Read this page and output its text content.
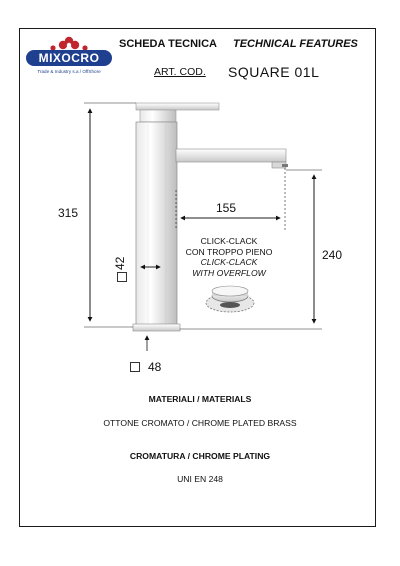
MIXOCRO
Trade & Industry s.a / OffShore
SCHEDA TECNICA TECHNICAL FEATURES
ART. COD. SQUARE 01L
315
240
155
42
48
CLICK-CLACK
CON TROPPO PIENO
CLICK-CLACK
WITH OVERFLOW
MATERIALI / MATERIALS
OTTONE CROMATO / CHROME PLATED BRASS
CROMATURA / CHROME PLATING
UNI EN 248
